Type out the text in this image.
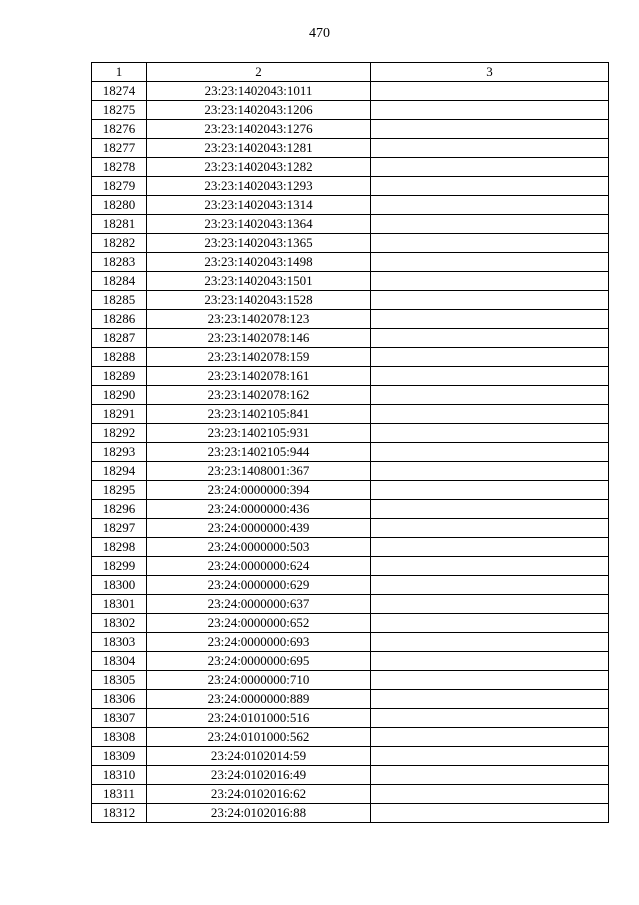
470
1	2	3
18274	23:23:1402043:1011	
18275	23:23:1402043:1206	
18276	23:23:1402043:1276	
18277	23:23:1402043:1281	
18278	23:23:1402043:1282	
18279	23:23:1402043:1293	
18280	23:23:1402043:1314	
18281	23:23:1402043:1364	
18282	23:23:1402043:1365	
18283	23:23:1402043:1498	
18284	23:23:1402043:1501	
18285	23:23:1402043:1528	
18286	23:23:1402078:123	
18287	23:23:1402078:146	
18288	23:23:1402078:159	
18289	23:23:1402078:161	
18290	23:23:1402078:162	
18291	23:23:1402105:841	
18292	23:23:1402105:931	
18293	23:23:1402105:944	
18294	23:23:1408001:367	
18295	23:24:0000000:394	
18296	23:24:0000000:436	
18297	23:24:0000000:439	
18298	23:24:0000000:503	
18299	23:24:0000000:624	
18300	23:24:0000000:629	
18301	23:24:0000000:637	
18302	23:24:0000000:652	
18303	23:24:0000000:693	
18304	23:24:0000000:695	
18305	23:24:0000000:710	
18306	23:24:0000000:889	
18307	23:24:0101000:516	
18308	23:24:0101000:562	
18309	23:24:0102014:59	
18310	23:24:0102016:49	
18311	23:24:0102016:62	
18312	23:24:0102016:88	
